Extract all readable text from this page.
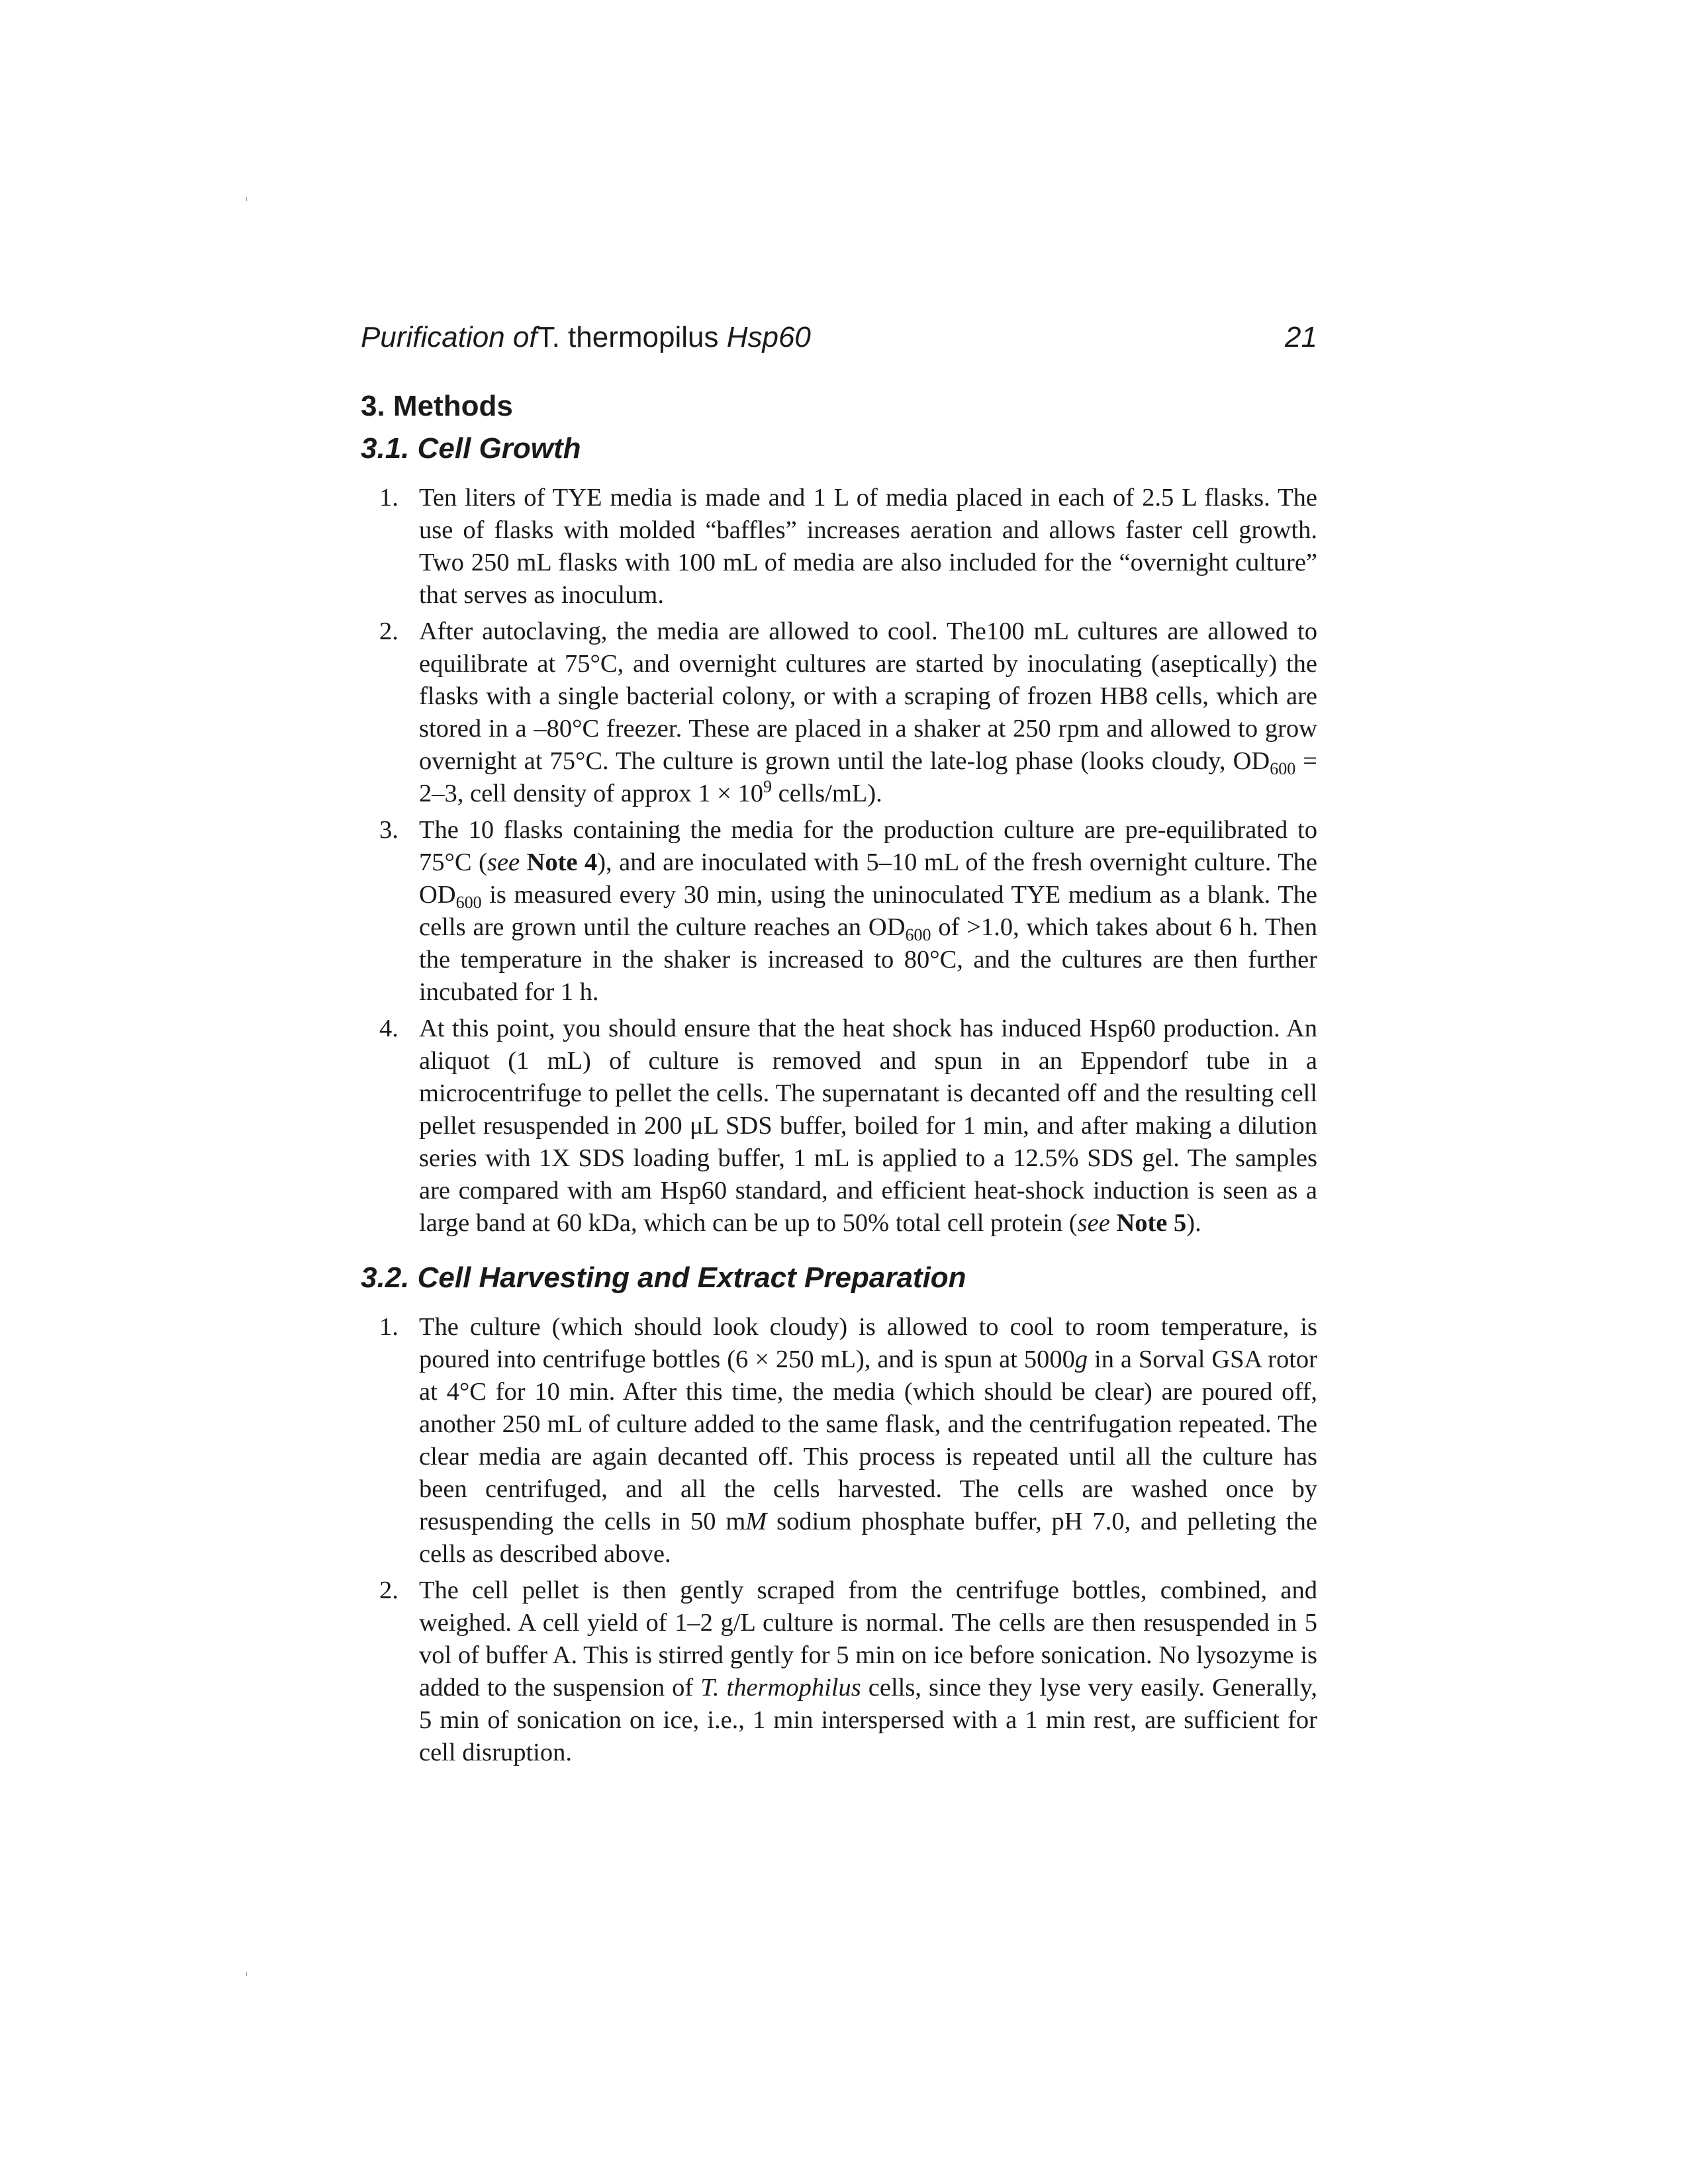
Purification ofT. thermopilus Hsp60	21
3. Methods
3.1. Cell Growth
1. Ten liters of TYE media is made and 1 L of media placed in each of 2.5 L flasks. The use of flasks with molded “baffles” increases aeration and allows faster cell growth. Two 250 mL flasks with 100 mL of media are also included for the “overnight culture” that serves as inoculum.
2. After autoclaving, the media are allowed to cool. The100 mL cultures are allowed to equilibrate at 75°C, and overnight cultures are started by inoculating (aseptically) the flasks with a single bacterial colony, or with a scraping of frozen HB8 cells, which are stored in a –80°C freezer. These are placed in a shaker at 250 rpm and allowed to grow overnight at 75°C. The culture is grown until the late-log phase (looks cloudy, $OD_{600} = 2-3$, cell density of approx $1 \times 10^9$ cells/mL).
3. The 10 flasks containing the media for the production culture are pre-equilibrated to 75°C (see Note 4), and are inoculated with 5–10 mL of the fresh overnight culture. The $OD_{600}$ is measured every 30 min, using the uninoculated TYE medium as a blank. The cells are grown until the culture reaches an $OD_{600}$ of >1.0, which takes about 6 h. Then the temperature in the shaker is increased to 80°C, and the cultures are then further incubated for 1 h.
4. At this point, you should ensure that the heat shock has induced Hsp60 production. An aliquot (1 mL) of culture is removed and spun in an Eppendorf tube in a microcentrifuge to pellet the cells. The supernatant is decanted off and the resulting cell pellet resuspended in 200 μL SDS buffer, boiled for 1 min, and after making a dilution series with 1X SDS loading buffer, 1 mL is applied to a 12.5% SDS gel. The samples are compared with am Hsp60 standard, and efficient heat-shock induction is seen as a large band at 60 kDa, which can be up to 50% total cell protein (see Note 5).
3.2. Cell Harvesting and Extract Preparation
1. The culture (which should look cloudy) is allowed to cool to room temperature, is poured into centrifuge bottles (6 × 250 mL), and is spun at 5000g in a Sorval GSA rotor at 4°C for 10 min. After this time, the media (which should be clear) are poured off, another 250 mL of culture added to the same flask, and the centrifugation repeated. The clear media are again decanted off. This process is repeated until all the culture has been centrifuged, and all the cells harvested. The cells are washed once by resuspending the cells in 50 mM sodium phosphate buffer, pH 7.0, and pelleting the cells as described above.
2. The cell pellet is then gently scraped from the centrifuge bottles, combined, and weighed. A cell yield of 1–2 g/L culture is normal. The cells are then resuspended in 5 vol of buffer A. This is stirred gently for 5 min on ice before sonication. No lysozyme is added to the suspension of T. thermophilus cells, since they lyse very easily. Generally, 5 min of sonication on ice, i.e., 1 min interspersed with a 1 min rest, are sufficient for cell disruption.
